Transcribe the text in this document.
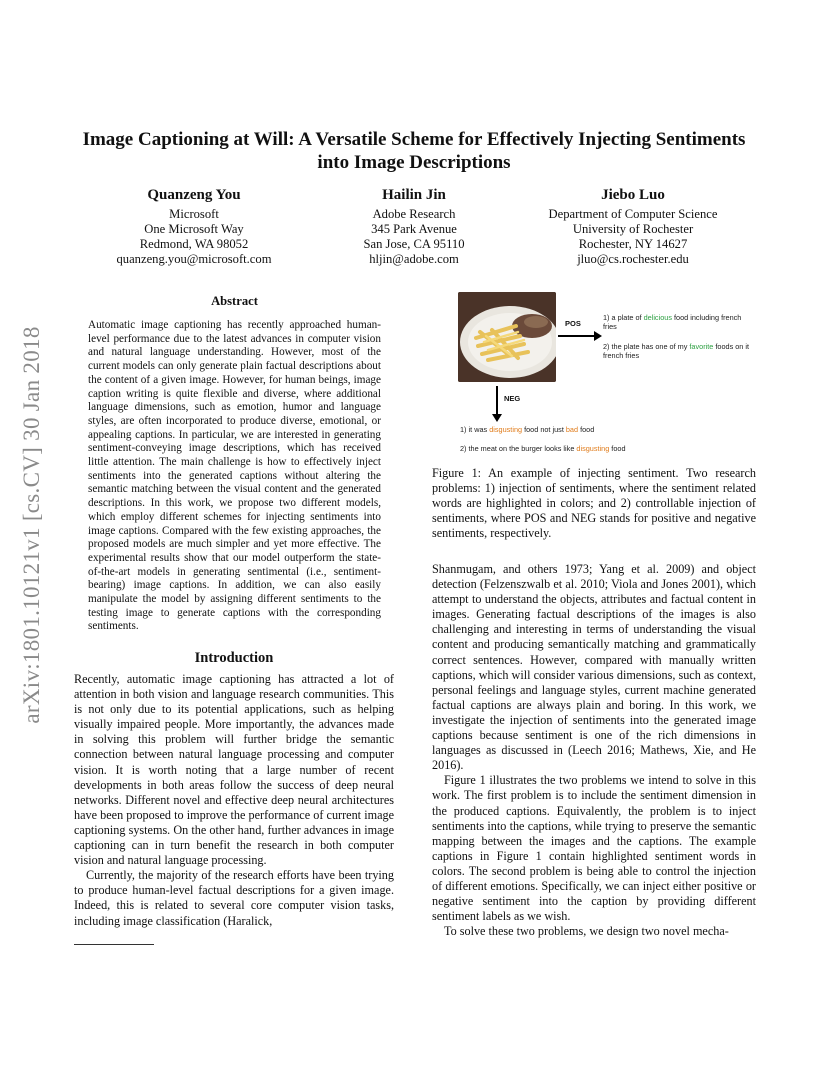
arXiv:1801.10121v1 [cs.CV] 30 Jan 2018
Image Captioning at Will: A Versatile Scheme for Effectively Injecting Sentiments
into Image Descriptions
Quanzeng You
Microsoft
One Microsoft Way
Redmond, WA 98052
quanzeng.you@microsoft.com
Hailin Jin
Adobe Research
345 Park Avenue
San Jose, CA 95110
hljin@adobe.com
Jiebo Luo
Department of Computer Science
University of Rochester
Rochester, NY 14627
jluo@cs.rochester.edu
Abstract
Automatic image captioning has recently approached human-level performance due to the latest advances in computer vision and natural language understanding. However, most of the current models can only generate plain factual descriptions about the content of a given image. However, for human beings, image caption writing is quite flexible and diverse, where additional language dimensions, such as emotion, humor and language styles, are often incorporated to produce diverse, emotional, or appealing captions. In particular, we are interested in generating sentiment-conveying image descriptions, which has received little attention. The main challenge is how to effectively inject sentiments into the generated captions without altering the semantic matching between the visual content and the generated descriptions. In this work, we propose two different models, which employ different schemes for injecting sentiments into image captions. Compared with the few existing approaches, the proposed models are much simpler and yet more effective. The experimental results show that our model outperform the state-of-the-art models in generating sentimental (i.e., sentiment-bearing) image captions. In addition, we can also easily manipulate the model by assigning different sentiments to the testing image to generate captions with the corresponding sentiments.
Introduction

Recently, automatic image captioning has attracted a lot of attention in both vision and language research communities. This is not only due to its potential applications, such as helping visually impaired people. More importantly, the advances made in solving this problem will further bridge the semantic connection between natural language processing and computer vision. It is worth noting that a large number of recent developments in both areas follow the success of deep neural networks. Different novel and effective deep neural architectures have been proposed to improve the performance of current image captioning systems. On the other hand, further advances in image captioning can in turn benefit the research in both computer vision and natural language processing.

Currently, the majority of the research efforts have been trying to produce human-level factual descriptions for a given image. Indeed, this is related to several core computer vision tasks, including image classification (Haralick,

POS
1) a plate of delicious food including french fries
2) the plate has one of my favorite foods on it french fries
NEG
1) it was disgusting food not just bad food
2) the meat on the burger looks like disgusting food
Figure 1: An example of injecting sentiment. Two research problems: 1) injection of sentiments, where the sentiment related words are highlighted in colors; and 2) controllable injection of sentiments, where POS and NEG stands for positive and negative sentiments, respectively.

Shanmugam, and others 1973; Yang et al. 2009) and object detection (Felzenszwalb et al. 2010; Viola and Jones 2001), which attempt to understand the objects, attributes and factual content in images. Generating factual descriptions of the images is also challenging and interesting in terms of understanding the visual content and producing semantically matching and grammatically correct sentences. However, compared with manually written captions, which will consider various dimensions, such as context, personal feelings and language styles, current machine generated factual captions are always plain and boring. In this work, we investigate the injection of sentiments into the generated image captions because sentiment is one of the rich dimensions in languages as discussed in (Leech 2016; Mathews, Xie, and He 2016).

Figure 1 illustrates the two problems we intend to solve in this work. The first problem is to include the sentiment dimension in the produced captions. Equivalently, the problem is to inject sentiments into the captions, while trying to preserve the semantic mapping between the images and the captions. The example captions in Figure 1 contain highlighted sentiment words in colors. The second problem is being able to control the injection of different emotions. Specifically, we can inject either positive or negative sentiment into the caption by providing different sentiment labels as we wish.

To solve these two problems, we design two novel mecha-
